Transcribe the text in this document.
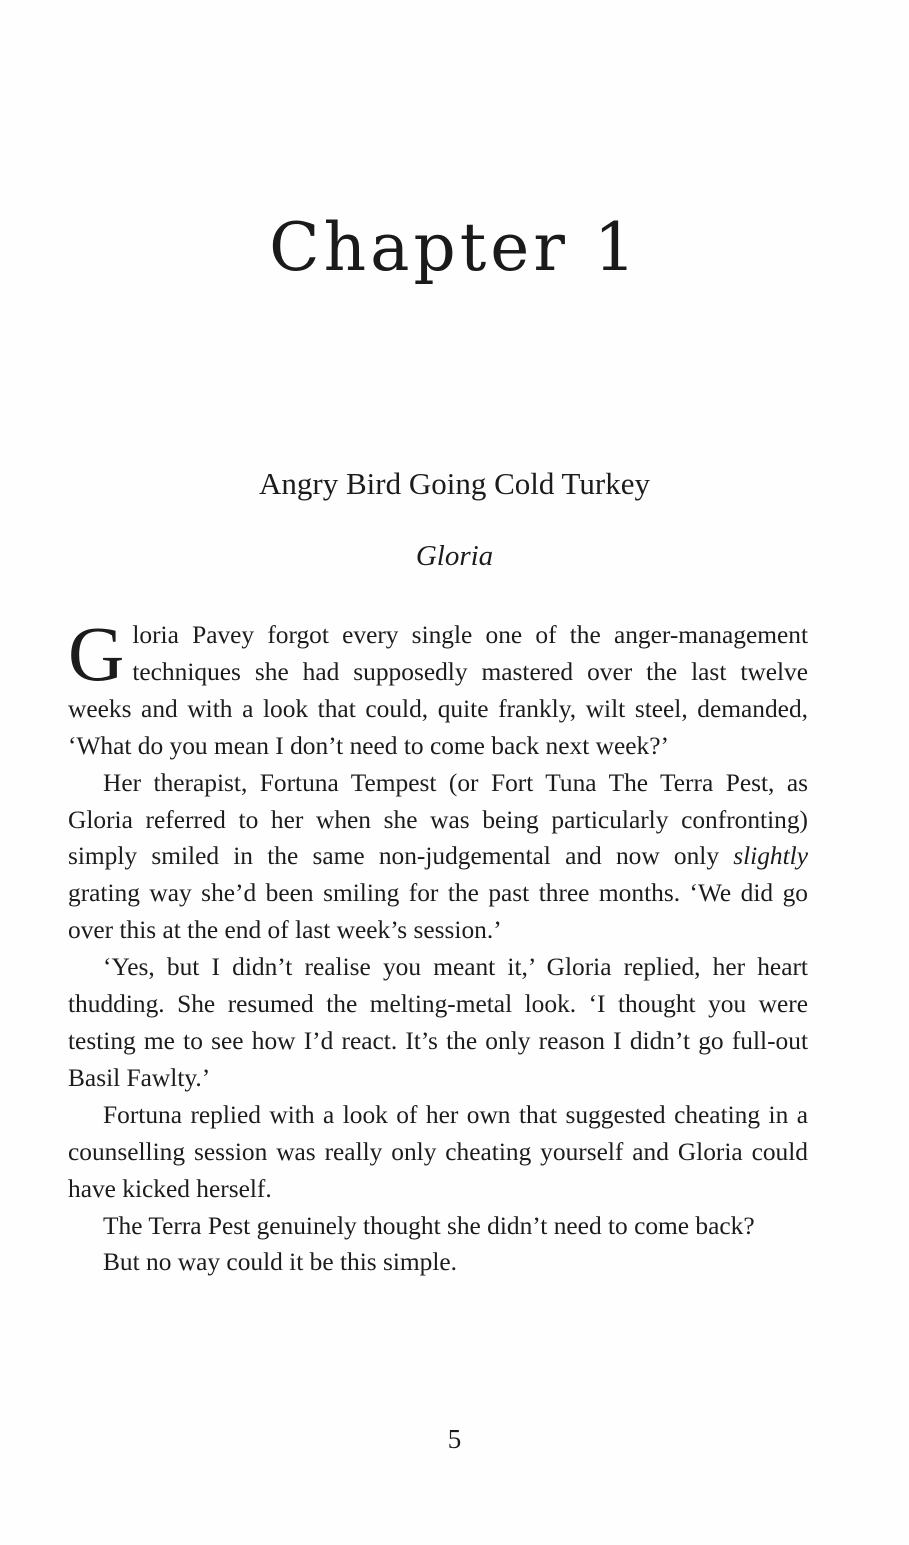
Chapter 1
Angry Bird Going Cold Turkey
Gloria

Gloria Pavey forgot every single one of the anger-management techniques she had supposedly mastered over the last twelve weeks and with a look that could, quite frankly, wilt steel, demanded, ‘What do you mean I don’t need to come back next week?’

Her therapist, Fortuna Tempest (or Fort Tuna The Terra Pest, as Gloria referred to her when she was being particularly confronting) simply smiled in the same non-judgemental and now only slightly grating way she’d been smiling for the past three months. ‘We did go over this at the end of last week’s session.’

‘Yes, but I didn’t realise you meant it,’ Gloria replied, her heart thudding. She resumed the melting-metal look. ‘I thought you were testing me to see how I’d react. It’s the only reason I didn’t go full-out Basil Fawlty.’

Fortuna replied with a look of her own that suggested cheating in a counselling session was really only cheating yourself and Gloria could have kicked herself.

The Terra Pest genuinely thought she didn’t need to come back?

But no way could it be this simple.

5
